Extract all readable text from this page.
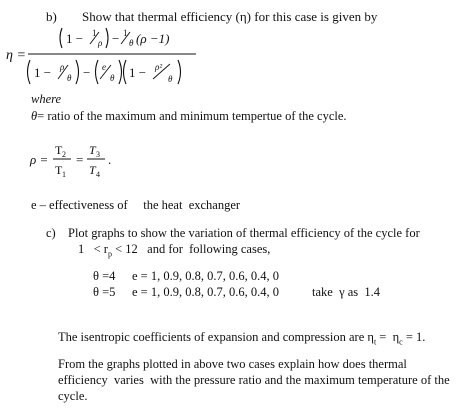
b) Show that thermal efficiency (η) for this case is given by
η =
1 − 1
ρ − 1
θ (ρ −1)
1 − ρ
θ − e
θ 1 − ρ²
θ
where
θ= ratio of the maximum and minimum tempertue of the cycle.
ρ =
T 2
T 1
=
T 3
T 4
.
e – effectiveness of     the heat  exchanger
c) Plot graphs to show the variation of thermal efficiency of the cycle for
$1 < r_p < 12$   and for  following cases,
θ =4 e = 1, 0.9, 0.8, 0.7, 0.6, 0.4, 0
θ =5 e = 1, 0.9, 0.8, 0.7, 0.6, 0.4, 0	take  γ as  1.4
The isentropic coefficients of expansion and compression are $\eta_t = \eta_c = 1$.
From the graphs plotted in above two cases explain how does thermal
efficiency  varies  with the pressure ratio and the maximum temperature of the
cycle.
